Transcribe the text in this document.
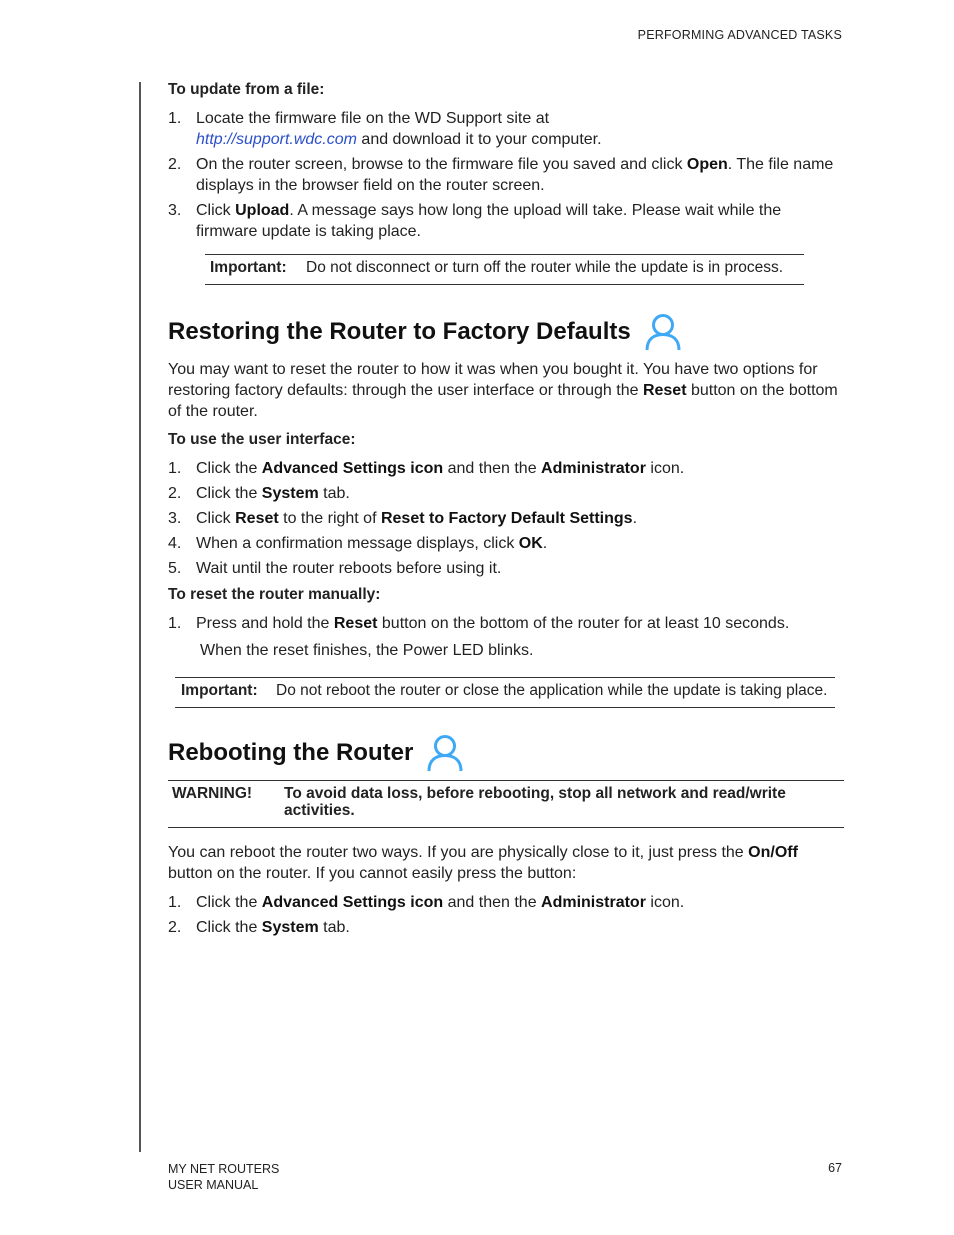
PERFORMING ADVANCED TASKS
To update from a file:
1. Locate the firmware file on the WD Support site at
http://support.wdc.com and download it to your computer.
2. On the router screen, browse to the firmware file you saved and click Open. The file name displays in the browser field on the router screen.
3. Click Upload. A message says how long the upload will take. Please wait while the firmware update is taking place.
Important:	Do not disconnect or turn off the router while the update is in process.
Restoring the Router to Factory Defaults

You may want to reset the router to how it was when you bought it. You have two options for restoring factory defaults: through the user interface or through the Reset button on the bottom of the router.

To use the user interface:
1. Click the Advanced Settings icon and then the Administrator icon.
2. Click the System tab.
3. Click Reset to the right of Reset to Factory Default Settings.
4. When a confirmation message displays, click OK.
5. Wait until the router reboots before using it.
To reset the router manually:
1. Press and hold the Reset button on the bottom of the router for at least 10 seconds.

When the reset finishes, the Power LED blinks.

Important:	Do not reboot the router or close the application while the update is taking place.
Rebooting the Router
WARNING!	To avoid data loss, before rebooting, stop all network and read/write activities.

You can reboot the router two ways. If you are physically close to it, just press the On/Off button on the router. If you cannot easily press the button:

1. Click the Advanced Settings icon and then the Administrator icon.
2. Click the System tab.
MY NET ROUTERS
USER MANUAL
67
